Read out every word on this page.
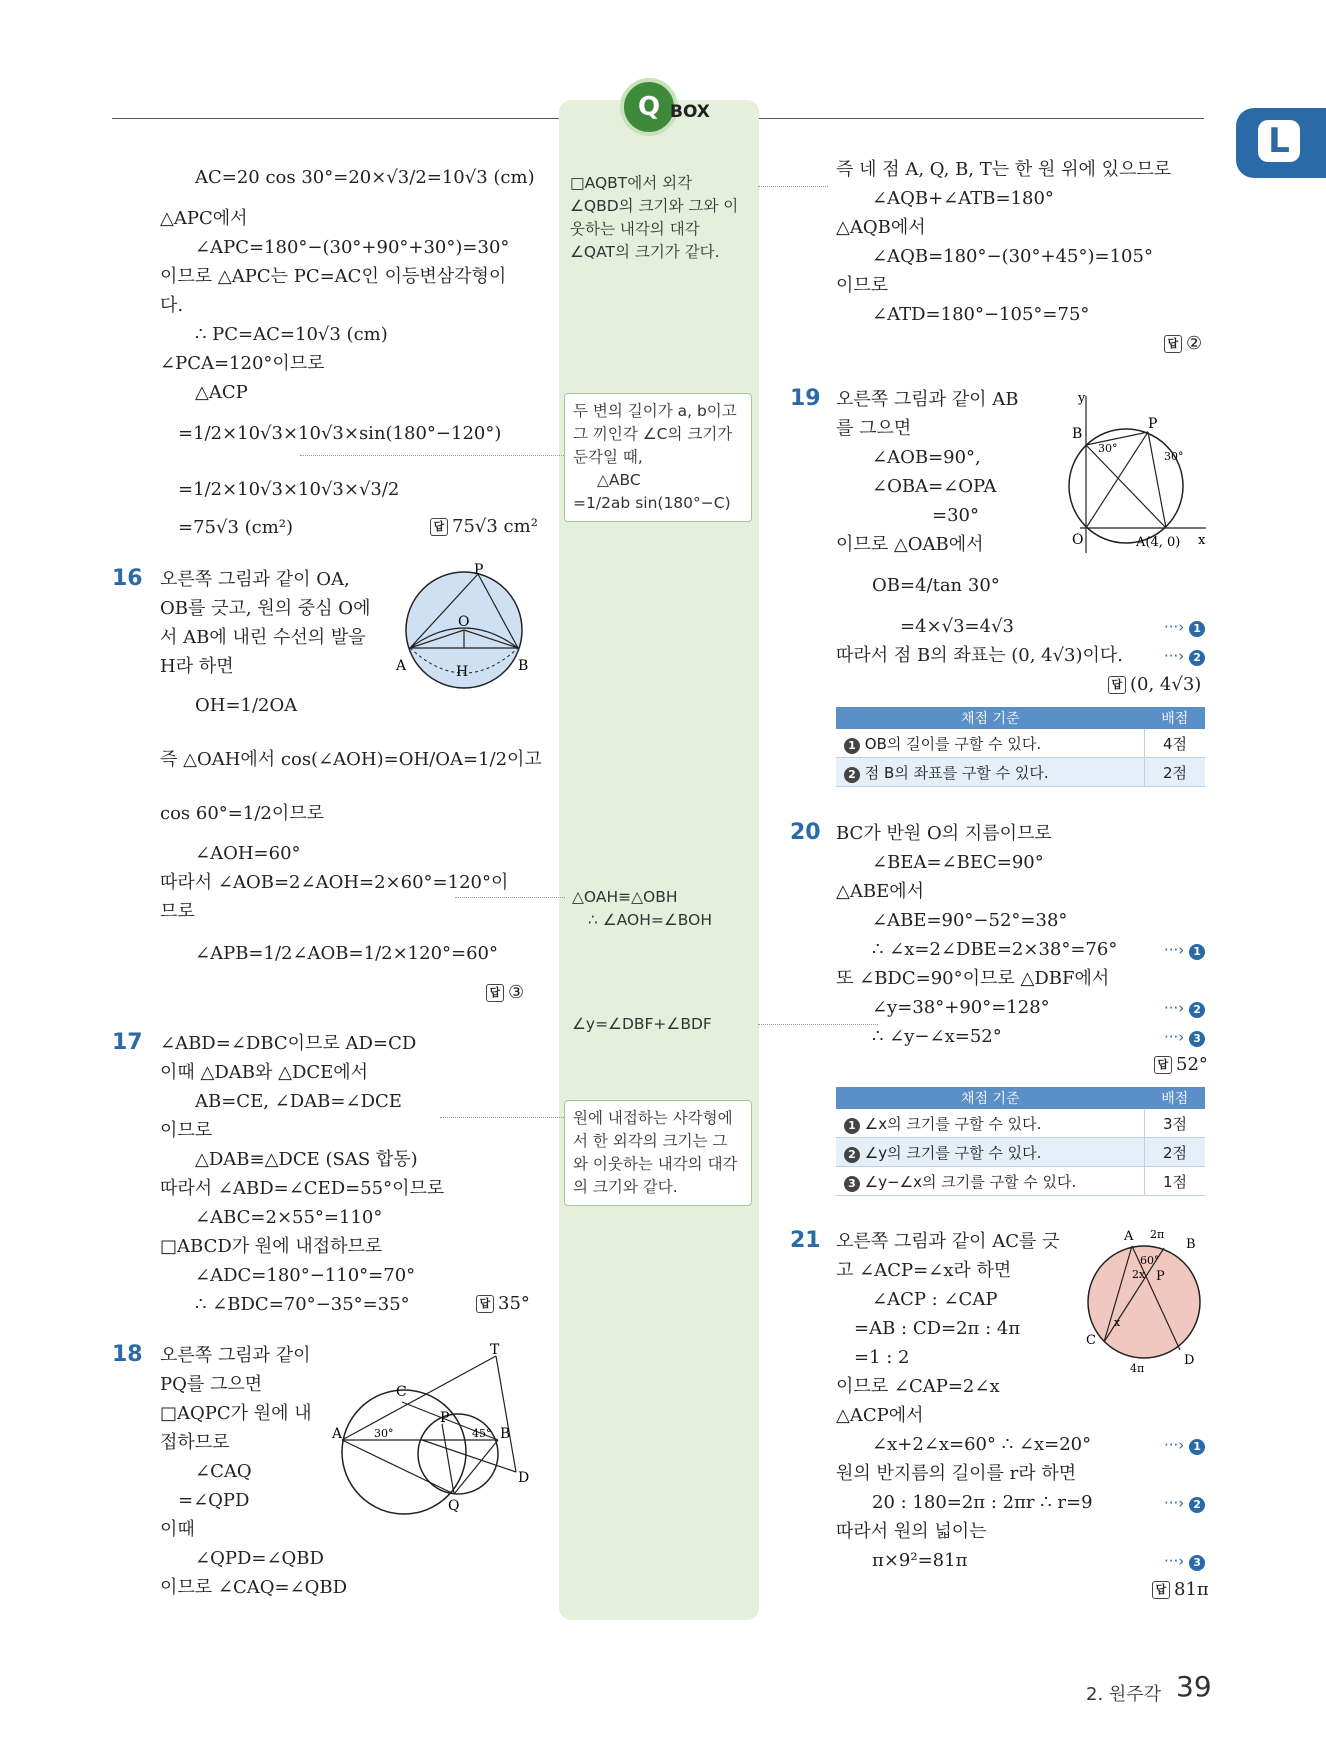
Q BOX
L
AC=20 cos 30°=20×√3/2=10√3 (cm)
△APC에서
∠APC=180°−(30°+90°+30°)=30°
이므로 △APC는 PC=AC인 이등변삼각형이
다.
∴ PC=AC=10√3 (cm)
∠PCA=120°이므로
△ACP
=1/2×10√3×10√3×sin(180°−120°)
=1/2×10√3×10√3×√3/2
=75√3 (cm²)	답 75√3 cm²
16 오른쪽 그림과 같이 OA,
OB를 긋고, 원의 중심 O에
서 AB에 내린 수선의 발을
H라 하면
OH=1/2OA
즉 △OAH에서 cos(∠AOH)=OH/OA=1/2이고
cos 60°=1/2이므로
∠AOH=60°
따라서 ∠AOB=2∠AOH=2×60°=120°이
므로
∠APB=1/2∠AOB=1/2×120°=60°
답 ③
P
O
A	H	B
17 ∠ABD=∠DBC이므로 AD=CD
이때 △DAB와 △DCE에서
AB=CE, ∠DAB=∠DCE
이므로
△DAB≡△DCE (SAS 합동)
따라서 ∠ABD=∠CED=55°이므로
∠ABC=2×55°=110°
□ABCD가 원에 내접하므로
∠ADC=180°−110°=70°
∴ ∠BDC=70°−35°=35°	답 35°
18 오른쪽 그림과 같이
PQ를 그으면
□AQPC가 원에 내
접하므로
∠CAQ
=∠QPD
이때
∠QPD=∠QBD
이므로 ∠CAQ=∠QBD
T
C
A
P
B
Q
D
30°	45°
□AQBT에서 외각
∠QBD의 크기와 그와 이
웃하는 내각의 대각
∠QAT의 크기가 같다.
두 변의 길이가 a, b이고
그 끼인각 ∠C의 크기가
둔각일 때,
△ABC
=1/2ab sin(180°−C)
△OAH≡△OBH
∴ ∠AOH=∠BOH
∠y=∠DBF+∠BDF
원에 내접하는 사각형에
서 한 외각의 크기는 그
와 이웃하는 내각의 대각
의 크기와 같다.
즉 네 점 A, Q, B, T는 한 원 위에 있으므로
∠AQB+∠ATB=180°
△AQB에서
∠AQB=180°−(30°+45°)=105°
이므로
∠ATD=180°−105°=75°
답 ②
19 오른쪽 그림과 같이 AB
를 그으면
∠AOB=90°,
∠OBA=∠OPA
=30°
이므로 △OAB에서
OB=4/tan 30°
=4×√3=4√3
따라서 점 B의 좌표는 (0, 4√3)이다.
···› 1
···› 2
답 (0, 4√3)
y
x
B
P
O	A(4, 0)
30°
30°
채점 기준	배점
1 OB의 길이를 구할 수 있다.	4점
2 점 B의 좌표를 구할 수 있다.	2점
20 BC가 반원 O의 지름이므로
∠BEA=∠BEC=90°
△ABE에서
∠ABE=90°−52°=38°
∴ ∠x=2∠DBE=2×38°=76°
또 ∠BDC=90°이므로 △DBF에서
∠y=38°+90°=128°
∴ ∠y−∠x=52°
···› 1
···› 2
···› 3
답 52°
채점 기준	배점
1 ∠x의 크기를 구할 수 있다.	3점
2 ∠y의 크기를 구할 수 있다.	2점
3 ∠y−∠x의 크기를 구할 수 있다.	1점
21 오른쪽 그림과 같이 AC를 긋
고 ∠ACP=∠x라 하면
∠ACP : ∠CAP
=AB : CD=2π : 4π
=1 : 2
이므로 ∠CAP=2∠x
△ACP에서
∠x+2∠x=60° ∴ ∠x=20°
원의 반지름의 길이를 r라 하면
20 : 180=2π : 2πr ∴ r=9
따라서 원의 넓이는
π×9²=81π
···› 1
···› 2
···› 3
답 81π
A
B
C
D
P
2π
60°
2x
x
4π
2. 원주각 39
